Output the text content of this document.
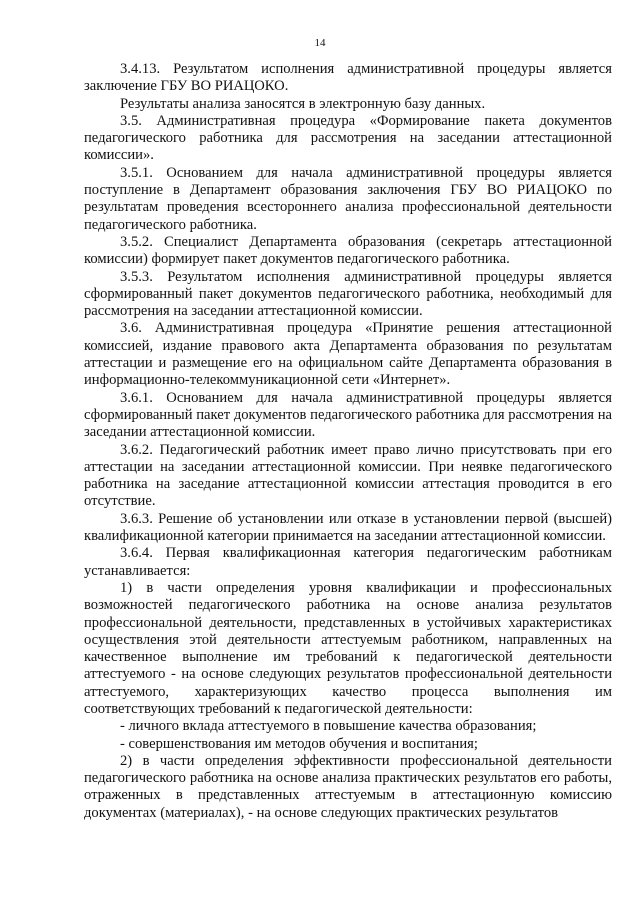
14

3.4.13. Результатом исполнения административной процедуры является заключение ГБУ ВО РИАЦОКО.

Результаты анализа заносятся в электронную базу данных.

3.5. Административная процедура «Формирование пакета документов педагогического работника для рассмотрения на заседании аттестационной комиссии».

3.5.1. Основанием для начала административной процедуры является поступление в Департамент образования заключения ГБУ ВО РИАЦОКО по результатам проведения всестороннего анализа профессиональной деятельности педагогического работника.

3.5.2. Специалист Департамента образования (секретарь аттестационной комиссии) формирует пакет документов педагогического работника.

3.5.3. Результатом исполнения административной процедуры является сформированный пакет документов педагогического работника, необходимый для рассмотрения на заседании аттестационной комиссии.

3.6. Административная процедура «Принятие решения аттестационной комиссией, издание правового акта Департамента образования по результатам аттестации и размещение его на официальном сайте Департамента образования в информационно-телекоммуникационной сети «Интернет».

3.6.1. Основанием для начала административной процедуры является сформированный пакет документов педагогического работника для рассмотрения на заседании аттестационной комиссии.

3.6.2. Педагогический работник имеет право лично присутствовать при его аттестации на заседании аттестационной комиссии. При неявке педагогического работника на заседание аттестационной комиссии аттестация проводится в его отсутствие.

3.6.3. Решение об установлении или отказе в установлении первой (высшей) квалификационной категории принимается на заседании аттестационной комиссии.

3.6.4. Первая квалификационная категория педагогическим работникам устанавливается:

1) в части определения уровня квалификации и профессиональных возможностей педагогического работника на основе анализа результатов профессиональной деятельности, представленных в устойчивых характеристиках осуществления этой деятельности аттестуемым работником, направленных на качественное выполнение им требований к педагогической деятельности аттестуемого - на основе следующих результатов профессиональной деятельности аттестуемого, характеризующих качество процесса выполнения им соответствующих требований к педагогической деятельности:

- личного вклада аттестуемого в повышение качества образования;

- совершенствования им методов обучения и воспитания;

2) в части определения эффективности профессиональной деятельности педагогического работника на основе анализа практических результатов его работы, отраженных в представленных аттестуемым в аттестационную комиссию документах (материалах), - на основе следующих практических результатов
